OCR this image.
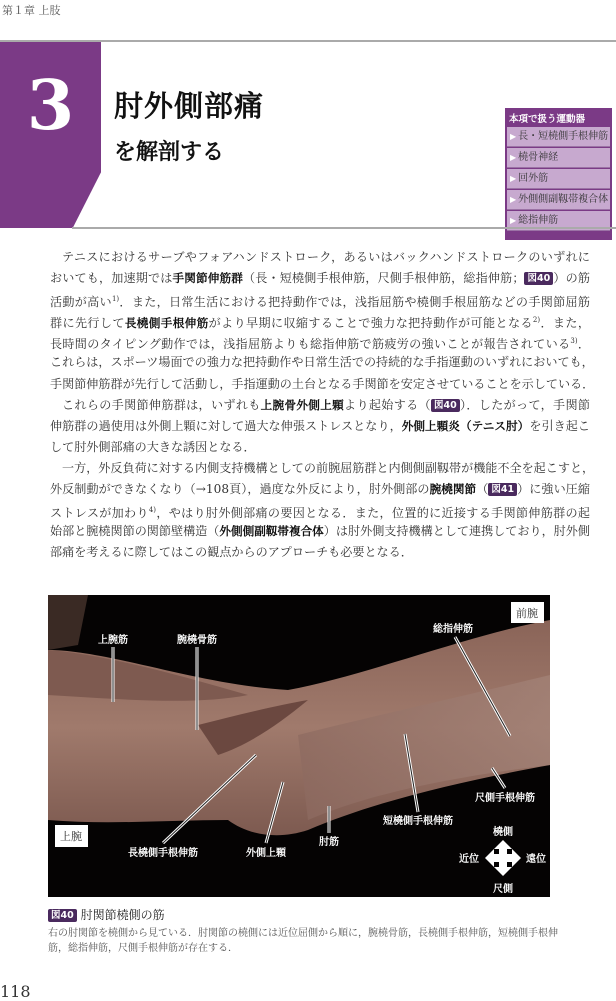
第１章 上肢
3	肘外側部痛
を解剖する
本項で扱う運動器
▶ 長・短橈側手根伸筋
▶ 橈骨神経
▶ 回外筋
▶ 外側側副靱帯複合体
▶ 総指伸筋
テニスにおけるサーブやフォアハンドストローク，あるいはバックハンドストロークのいずれに
おいても，加速期では手関節伸筋群（長・短橈側手根伸筋，尺側手根伸筋，総指伸筋； 図40 ）の筋
活動が高い$^{1)}$．また，日常生活における把持動作では，浅指屈筋や橈側手根屈筋などの手関節屈筋
群に先行して長橈側手根伸筋がより早期に収縮することで強力な把持動作が可能となる$^{2)}$．また，
長時間のタイピング動作では，浅指屈筋よりも総指伸筋で筋疲労の強いことが報告されている$^{3)}$．
これらは，スポーツ場面での強力な把持動作や日常生活での持続的な手指運動のいずれにおいても，
手関節伸筋群が先行して活動し，手指運動の土台となる手関節を安定させていることを示している．
これらの手関節伸筋群は，いずれも上腕骨外側上顆より起始する（ 図40 ）．したがって，手関節
伸筋群の過使用は外側上顆に対して過大な伸張ストレスとなり，外側上顆炎（テニス肘）を引き起こ
して肘外側部痛の大きな誘因となる．
一方，外反負荷に対する内側支持機構としての前腕屈筋群と内側側副靱帯が機能不全を起こすと，
外反制動ができなくなり（→108頁），過度な外反により，肘外側部の腕橈関節（ 図41 ）に強い圧縮
ストレスが加わり$^{4)}$，やはり肘外側部痛の要因となる．また，位置的に近接する手関節伸筋群の起
始部と腕橈関節の関節壁構造（外側側副靱帯複合体）は肘外側支持機構として連携しており，肘外側
部痛を考えるに際してはこの観点からのアプローチも必要となる．
上腕筋	腕橈骨筋
総指伸筋
尺側手根伸筋
短橈側手根伸筋
肘筋
外側上顆
長橈側手根伸筋
前腕
上腕	橈側
尺側
近位	遠位
図40 肘関節橈側の筋
右の肘関節を橈側から見ている．肘関節の橈側には近位屈側から順に，腕橈骨筋，長橈側手根伸筋，短橈側手根伸筋，総指伸筋，尺側手根伸筋が存在する．
118
